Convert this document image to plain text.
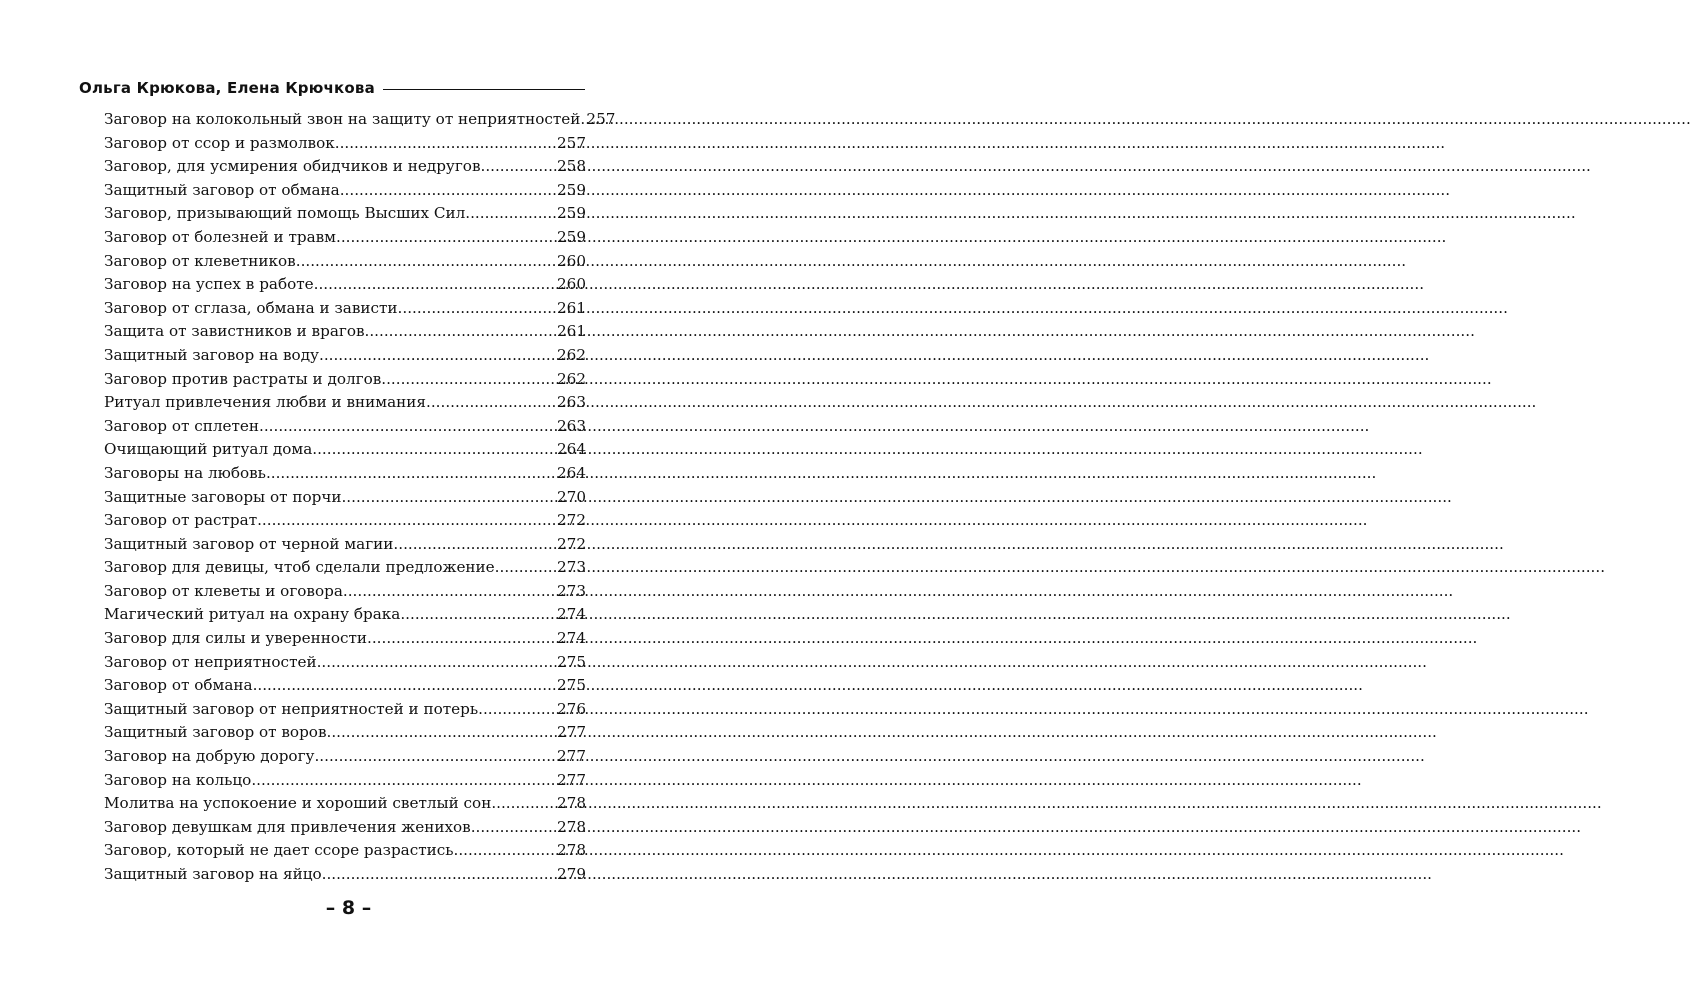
Ольга Крюкова, Елена Крючкова
Заговор на колокольный звон на защиту от неприятностей ..... 257
Заговор от ссор и размолвок .....	257
Заговор, для усмирения обидчиков и недругов .....	258
Защитный заговор от обмана .....	259
Заговор, призывающий помощь Высших Сил .....	259
Заговор от болезней и травм .....	259
Заговор от клеветников .....	260
Заговор на успех в работе .....	260
Заговор от сглаза, обмана и зависти .....	261
Защита от завистников и врагов .....	261
Защитный заговор на воду .....	262
Заговор против растраты и долгов .....	262
Ритуал привлечения любви и внимания .....	263
Заговор от сплетен .....	263
Очищающий ритуал дома .....	264
Заговоры на любовь .....	264
Защитные заговоры от порчи .....	270
Заговор от растрат .....	272
Защитный заговор от черной магии .....	272
Заговор для девицы, чтоб сделали предложение .....	273
Заговор от клеветы и оговора .....	273
Магический ритуал на охрану брака .....	274
Заговор для силы и уверенности .....	274
Заговор от неприятностей .....	275
Заговор от обмана .....	275
Защитный заговор от неприятностей и потерь .....	276
Защитный заговор от воров .....	277
Заговор на добрую дорогу .....	277
Заговор на кольцо .....	277
Молитва на успокоение и хороший светлый сон .....	278
Заговор девушкам для привлечения женихов .....	278
Заговор, который не дает ссоре разрастись .....	278
Защитный заговор на яйцо .....	279
– 8 –
